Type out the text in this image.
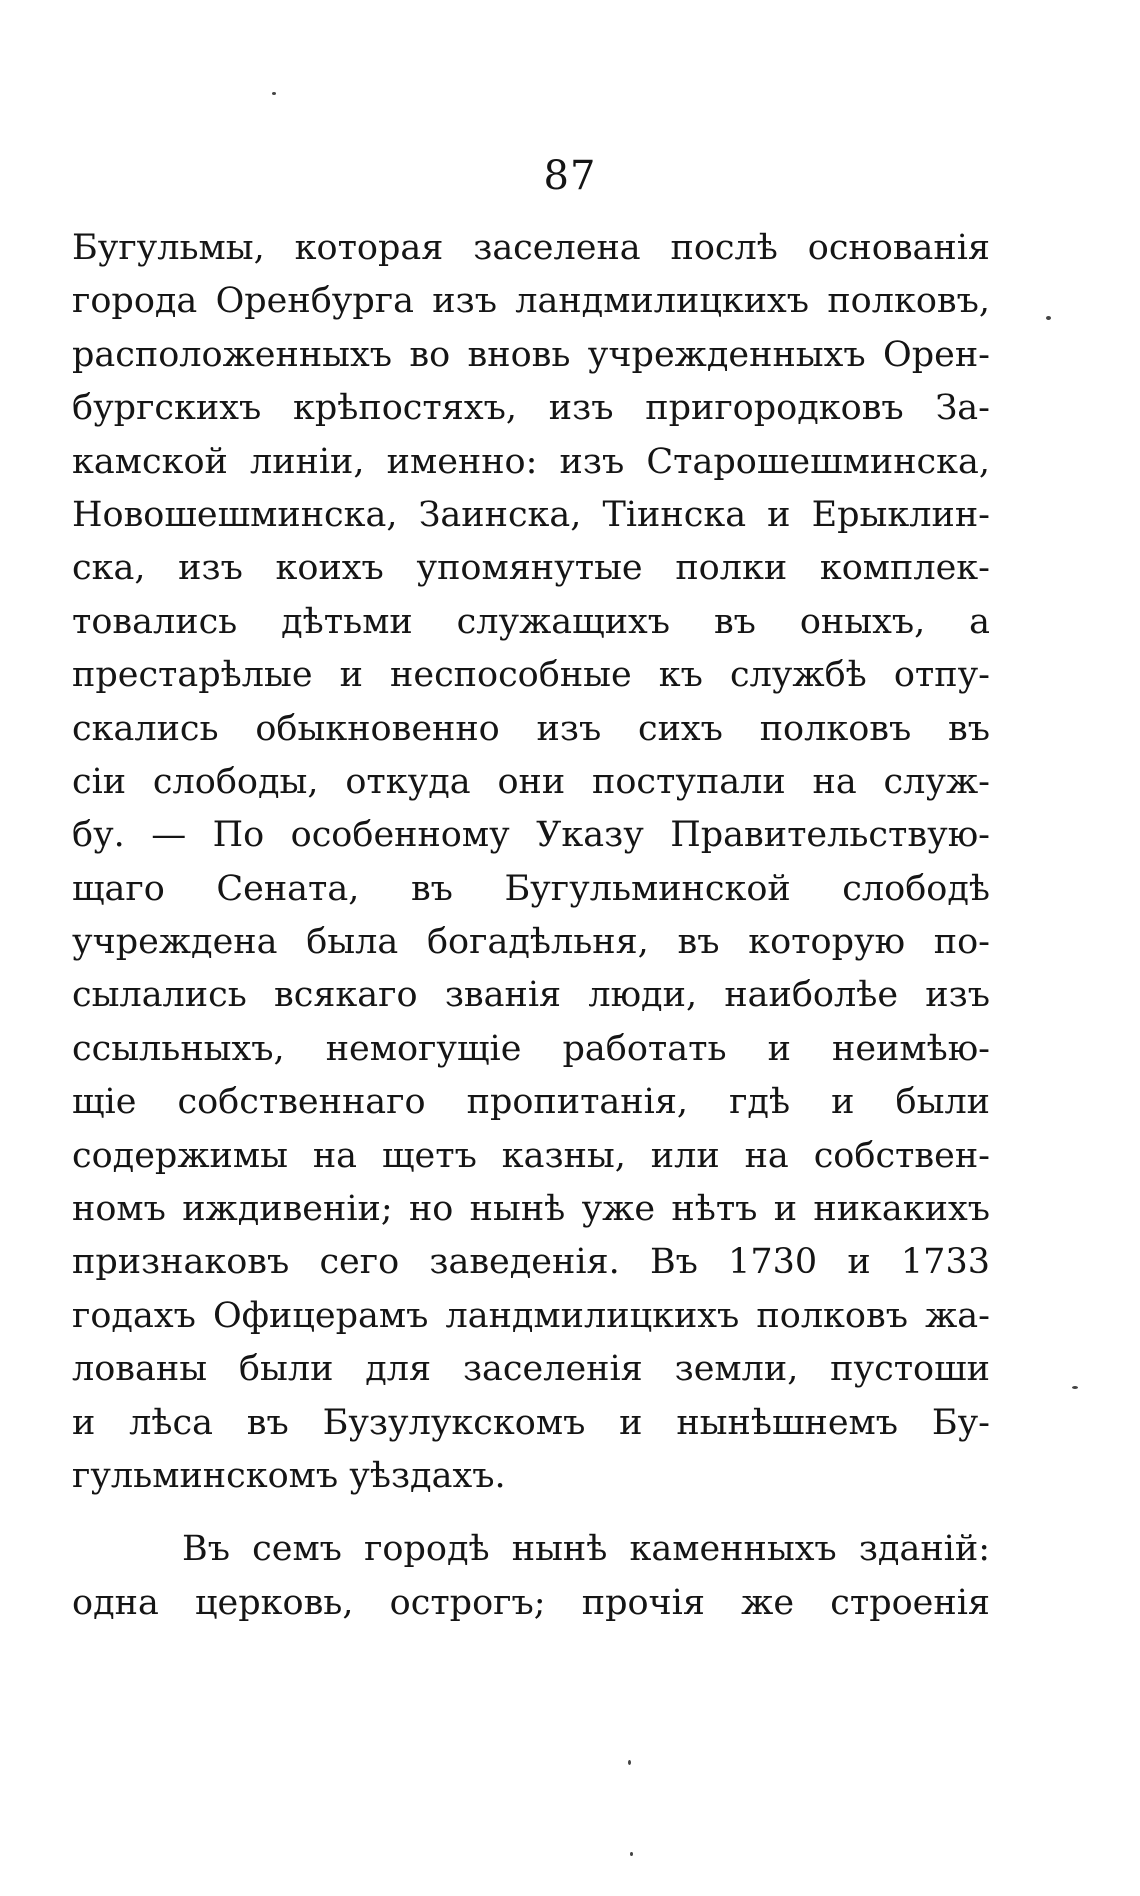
87
Бугульмы, которая заселена послѣ основанія
города Оренбурга изъ ландмилицкихъ полковъ,
расположенныхъ во вновь учрежденныхъ Орен-
бургскихъ крѣпостяхъ, изъ пригородковъ За-
камской линіи, именно: изъ Старошешминска,
Новошешминска, Заинска, Тіинска и Ерыклин-
ска, изъ коихъ упомянутые полки комплек-
товались дѣтьми служащихъ въ оныхъ, а
престарѣлые и неспособные къ службѣ отпу-
скались обыкновенно изъ сихъ полковъ въ
сіи слободы, откуда они поступали на служ-
бу. — По особенному Указу Правительствую-
щаго Сената, въ Бугульминской слободѣ
учреждена была богадѣльня, въ которую по-
сылались всякаго званія люди, наиболѣе изъ
ссыльныхъ, немогущіе работать и неимѣю-
щіе собственнаго пропитанія, гдѣ и были
содержимы на щетъ казны, или на собствен-
номъ иждивеніи; но нынѣ уже нѣтъ и никакихъ
признаковъ сего заведенія. Въ 1730 и 1733
годахъ Офицерамъ ландмилицкихъ полковъ жа-
лованы были для заселенія земли, пустоши
и лѣса въ Бузулукскомъ и нынѣшнемъ Бу-
гульминскомъ уѣздахъ.
Въ семъ городѣ нынѣ каменныхъ зданій:
одна церковь, острогъ; прочія же строенія
